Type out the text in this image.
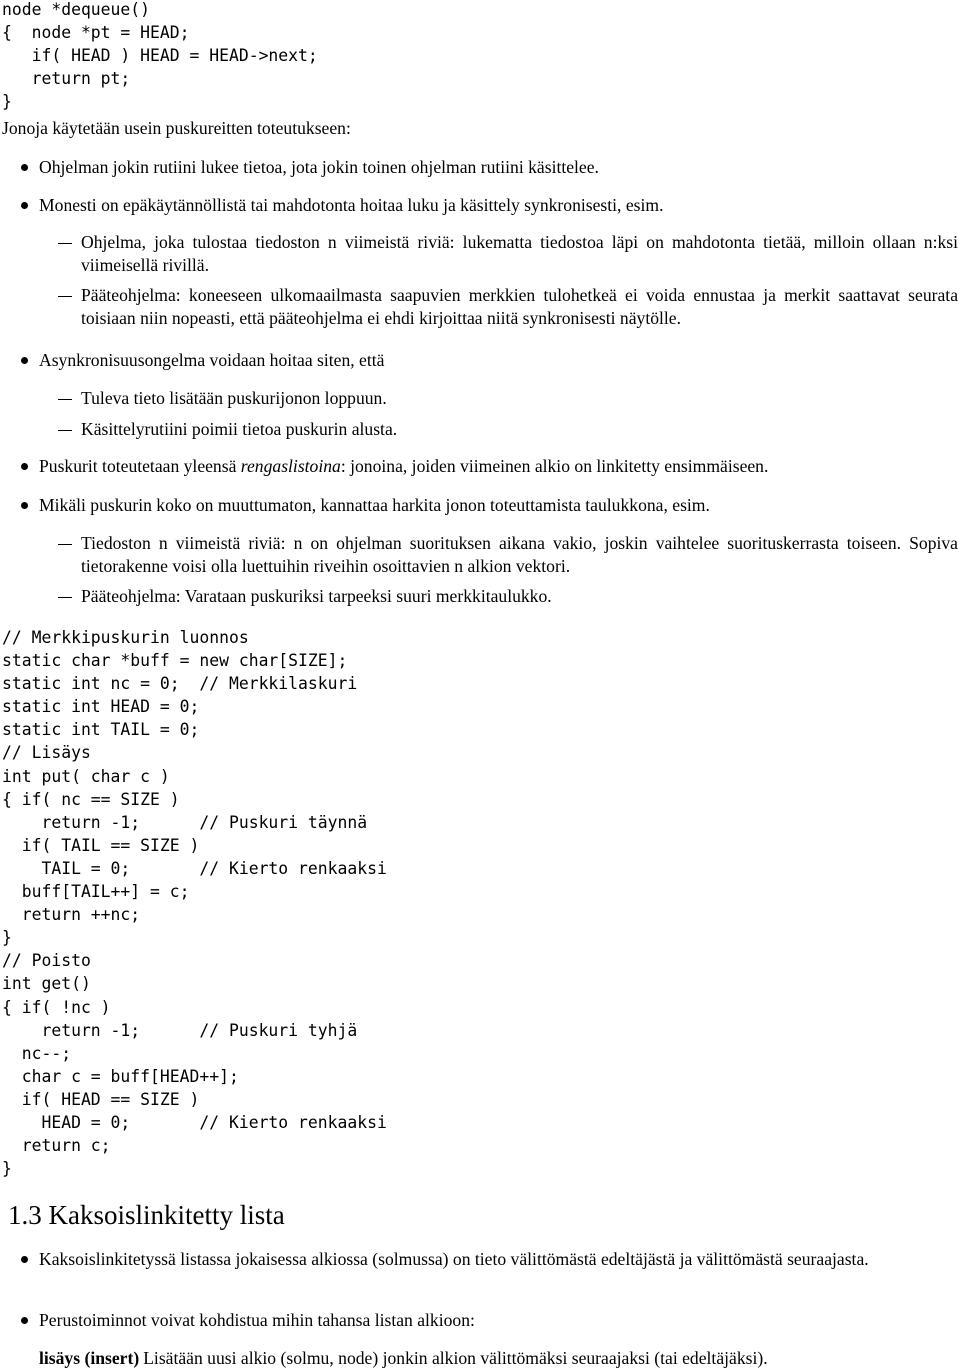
node *dequeue()
{  node *pt = HEAD;
if( HEAD ) HEAD = HEAD->next;
return pt;
}
Jonoja käytetään usein puskureitten toteutukseen:
Ohjelman jokin rutiini lukee tietoa, jota jokin toinen ohjelman rutiini käsittelee.
Monesti on epäkäytännöllistä tai mahdotonta hoitaa luku ja käsittely synkronisesti, esim.
Ohjelma, joka tulostaa tiedoston n viimeistä riviä: lukematta tiedostoa läpi on mahdotonta tietää, milloin ollaan n:ksi viimeisellä rivillä.
Pääteohjelma: koneeseen ulkomaailmasta saapuvien merkkien tulohetkeä ei voida ennustaa ja merkit saattavat seurata toisiaan niin nopeasti, että pääteohjelma ei ehdi kirjoittaa niitä synkronisesti näytölle.
Asynkronisuusongelma voidaan hoitaa siten, että
Tuleva tieto lisätään puskurijonon loppuun.
Käsittelyrutiini poimii tietoa puskurin alusta.
Puskurit toteutetaan yleensä rengaslistoina: jonoina, joiden viimeinen alkio on linkitetty ensimmäiseen.
Mikäli puskurin koko on muuttumaton, kannattaa harkita jonon toteuttamista taulukkona, esim.
Tiedoston n viimeistä riviä: n on ohjelman suorituksen aikana vakio, joskin vaihtelee suorituskerrasta toiseen. Sopiva tietorakenne voisi olla luettuihin riveihin osoittavien n alkion vektori.
Pääteohjelma: Varataan puskuriksi tarpeeksi suuri merkkitaulukko.
// Merkkipuskurin luonnos
static char *buff = new char[SIZE];
static int nc = 0;  // Merkkilaskuri
static int HEAD = 0;
static int TAIL = 0;
// Lisäys
int put( char c )
{ if( nc == SIZE )
return -1;      // Puskuri täynnä
if( TAIL == SIZE )
TAIL = 0;       // Kierto renkaaksi
buff[TAIL++] = c;
return ++nc;
}
// Poisto
int get()
{ if( !nc )
return -1;      // Puskuri tyhjä
nc--;
char c = buff[HEAD++];
if( HEAD == SIZE )
HEAD = 0;       // Kierto renkaaksi
return c;
}
1.3 Kaksoislinkitetty lista
Kaksoislinkitetyssä listassa jokaisessa alkiossa (solmussa) on tieto välittömästä edeltäjästä ja välittömästä seuraajasta.
Perustoiminnot voivat kohdistua mihin tahansa listan alkioon:
lisäys (insert) Lisätään uusi alkio (solmu, node) jonkin alkion välittömäksi seuraajaksi (tai edeltäjäksi).
